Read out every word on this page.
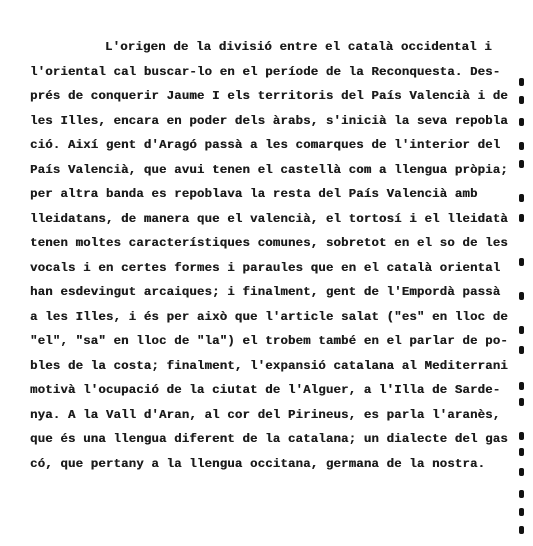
L'origen de la divisió entre el català occidental i
l'oriental cal buscar-lo en el període de la Reconquesta. Des-
prés de conquerir Jaume I els territoris del País Valencià i de
les Illes, encara en poder dels àrabs, s'inicià la seva repobla
ció. Així gent d'Aragó passà a les comarques de l'interior del
País Valencià, que avui tenen el castellà com a llengua pròpia;
per altra banda es repoblava la resta del País Valencià amb
lleidatans, de manera que el valencià, el tortosí i el lleidatà
tenen moltes característiques comunes, sobretot en el so de les
vocals i en certes formes i paraules que en el català oriental
han esdevingut arcaiques; i finalment, gent de l'Empordà passà
a les Illes, i és per això que l'article salat ("es" en lloc de
"el", "sa" en lloc de "la") el trobem també en el parlar de po-
bles de la costa; finalment, l'expansió catalana al Mediterrani
motivà l'ocupació de la ciutat de l'Alguer, a l'Illa de Sarde-
nya. A la Vall d'Aran, al cor del Pirineus, es parla l'aranès,
que és una llengua diferent de la catalana; un dialecte del gas
có, que pertany a la llengua occitana, germana de la nostra.
